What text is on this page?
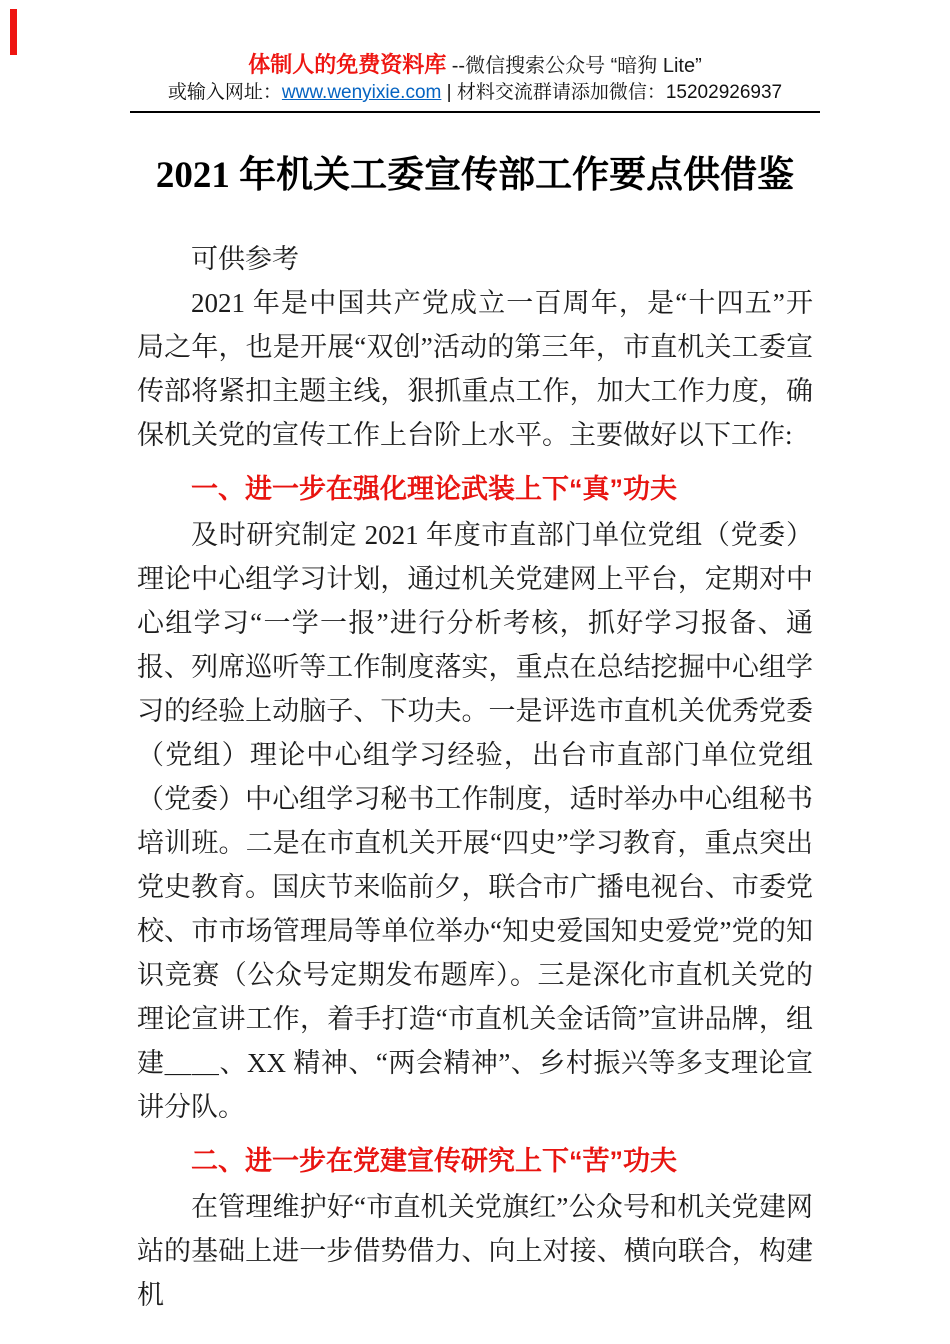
体制人的免费资料库 --微信搜索公众号 “暗狗 Lite”
或输入网址：www.wenyixie.com | 材料交流群请添加微信：15202926937
2021 年机关工委宣传部工作要点供借鉴

可供参考

2021 年是中国共产党成立一百周年，是“十四五”开局之年，也是开展“双创”活动的第三年，市直机关工委宣传部将紧扣主题主线，狠抓重点工作，加大工作力度，确保机关党的宣传工作上台阶上水平。主要做好以下工作:

一、进一步在强化理论武装上下“真”功夫

及时研究制定 2021 年度市直部门单位党组（党委）理论中心组学习计划，通过机关党建网上平台，定期对中心组学习“一学一报”进行分析考核，抓好学习报备、通报、列席巡听等工作制度落实，重点在总结挖掘中心组学习的经验上动脑子、下功夫。一是评选市直机关优秀党委（党组）理论中心组学习经验，出台市直部门单位党组（党委）中心组学习秘书工作制度，适时举办中心组秘书培训班。二是在市直机关开展“四史”学习教育，重点突出党史教育。国庆节来临前夕，联合市广播电视台、市委党校、市市场管理局等单位举办“知史爱国知史爱党”党的知识竞赛（公众号定期发布题库）。三是深化市直机关党的理论宣讲工作，着手打造“市直机关金话筒”宣讲品牌，组建＿＿、XX 精神、“两会精神”、乡村振兴等多支理论宣讲分队。

二、进一步在党建宣传研究上下“苦”功夫

在管理维护好“市直机关党旗红”公众号和机关党建网站的基础上进一步借势借力、向上对接、横向联合，构建机
